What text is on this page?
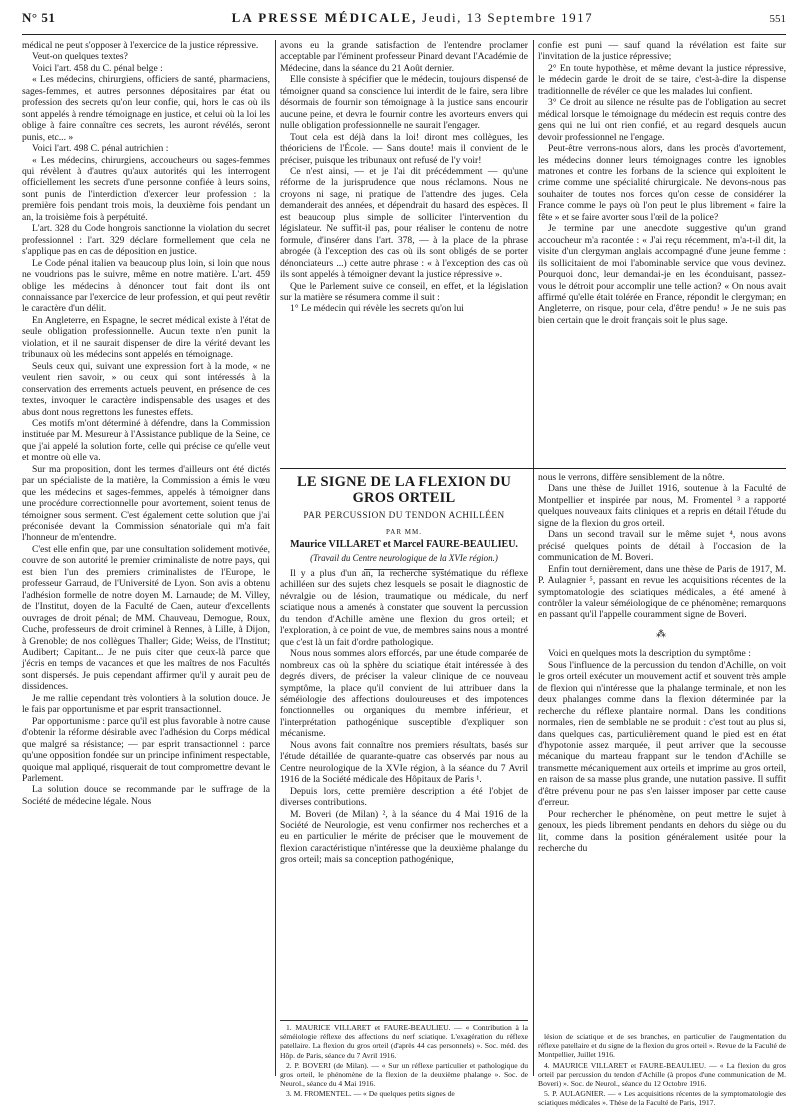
N° 51	LA PRESSE MÉDICALE, Jeudi, 13 Septembre 1917	551

médical ne peut s'opposer à l'exercice de la justice répressive.

Veut-on quelques textes?

Voici l'art. 458 du C. pénal belge :

« Les médecins, chirurgiens, officiers de santé, pharmaciens, sages-femmes, et autres personnes dépositaires par état ou profession des secrets qu'on leur confie, qui, hors le cas où ils sont appelés à rendre témoignage en justice, et celui où la loi les oblige à faire connaître ces secrets, les auront révélés, seront punis, etc... »

Voici l'art. 498 C. pénal autrichien :

« Les médecins, chirurgiens, accoucheurs ou sages-femmes qui révèlent à d'autres qu'aux autorités qui les interrogent officiellement les secrets d'une personne confiée à leurs soins, sont punis de l'interdiction d'exercer leur profession : la première fois pendant trois mois, la deuxième fois pendant un an, la troisième fois à perpétuité.

L'art. 328 du Code hongrois sanctionne la violation du secret professionnel : l'art. 329 déclare formellement que cela ne s'applique pas en cas de déposition en justice.

Le Code pénal italien va beaucoup plus loin, si loin que nous ne voudrions pas le suivre, même en notre matière. L'art. 459 oblige les médecins à dénoncer tout fait dont ils ont connaissance par l'exercice de leur profession, et qui peut revêtir le caractère d'un délit.

En Angleterre, en Espagne, le secret médical existe à l'état de seule obligation professionnelle. Aucun texte n'en punit la violation, et il ne saurait dispenser de dire la vérité devant les tribunaux où les médecins sont appelés en témoignage.

Seuls ceux qui, suivant une expression fort à la mode, « ne veulent rien savoir, » ou ceux qui sont intéressés à la conservation des errements actuels peuvent, en présence de ces textes, invoquer le caractère indispensable des usages et des abus dont nous regrettons les funestes effets.

Ces motifs m'ont déterminé à défendre, dans la Commission instituée par M. Mesureur à l'Assistance publique de la Seine, ce que j'ai appelé la solution forte, celle qui précise ce qu'elle veut et montre où elle va.

Sur ma proposition, dont les termes d'ailleurs ont été dictés par un spécialiste de la matière, la Commission a émis le vœu que les médecins et sages-femmes, appelés à témoigner dans une procédure correctionnelle pour avortement, soient tenus de témoigner sous serment. C'est également cette solution que j'ai préconisée devant la Commission sénatoriale qui m'a fait l'honneur de m'entendre.

C'est elle enfin que, par une consultation solidement motivée, couvre de son autorité le premier criminaliste de notre pays, qui est bien l'un des premiers criminalistes de l'Europe, le professeur Garraud, de l'Université de Lyon. Son avis a obtenu l'adhésion formelle de notre doyen M. Larnaude; de M. Villey, de l'Institut, doyen de la Faculté de Caen, auteur d'excellents ouvrages de droit pénal; de MM. Chauveau, Demogue, Roux, Cuche, professeurs de droit criminel à Rennes, à Lille, à Dijon, à Grenoble; de nos collègues Thaller; Gide; Weiss, de l'Institut; Audibert; Capitant... Je ne puis citer que ceux-là parce que j'écris en temps de vacances et que les maîtres de nos Facultés sont dispersés. Je puis cependant affirmer qu'il y aurait peu de dissidences.

Je me rallie cependant très volontiers à la solution douce. Je le fais par opportunisme et par esprit transactionnel.

Par opportunisme : parce qu'il est plus favorable à notre cause d'obtenir la réforme désirable avec l'adhésion du Corps médical que malgré sa résistance; — par esprit transactionnel : parce qu'une opposition fondée sur un principe infiniment respectable, quoique mal appliqué, risquerait de tout compromettre devant le Parlement.

La solution douce se recommande par le suffrage de la Société de médecine légale. Nous

avons eu la grande satisfaction de l'entendre proclamer acceptable par l'éminent professeur Pinard devant l'Académie de Médecine, dans la séance du 21 Août dernier.

Elle consiste à spécifier que le médecin, toujours dispensé de témoigner quand sa conscience lui interdit de le faire, sera libre désormais de fournir son témoignage à la justice sans encourir aucune peine, et devra le fournir contre les avorteurs envers qui nulle obligation professionnelle ne saurait l'engager.

Tout cela est déjà dans la loi! diront mes collègues, les théoriciens de l'École. — Sans doute! mais il convient de le préciser, puisque les tribunaux ont refusé de l'y voir!

Ce n'est ainsi, — et je l'ai dit précédemment — qu'une réforme de la jurisprudence que nous réclamons. Nous ne croyons ni sage, ni pratique de l'attendre des juges. Cela demanderait des années, et dépendrait du hasard des espèces. Il est beaucoup plus simple de solliciter l'intervention du législateur. Ne suffit-il pas, pour réaliser le contenu de notre formule, d'insérer dans l'art. 378, — à la place de la phrase abrogée (à l'exception des cas où ils sont obligés de se porter dénonciateurs ...) cette autre phrase : « à l'exception des cas où ils sont appelés à témoigner devant la justice répressive ».

Que le Parlement suive ce conseil, en effet, et la législation sur la matière se résumera comme il suit :

1° Le médecin qui révèle les secrets qu'on lui

confie est puni — sauf quand la révélation est faite sur l'invitation de la justice répressive;

2° En toute hypothèse, et même devant la justice répressive, le médecin garde le droit de se taire, c'est-à-dire la dispense traditionnelle de révéler ce que les malades lui confient.

3° Ce droit au silence ne résulte pas de l'obligation au secret médical lorsque le témoignage du médecin est requis contre des gens qui ne lui ont rien confié, et au regard desquels aucun devoir professionnel ne l'engage.

Peut-être verrons-nous alors, dans les procès d'avortement, les médecins donner leurs témoignages contre les ignobles matrones et contre les forbans de la science qui exploitent le crime comme une spécialité chirurgicale. Ne devons-nous pas souhaiter de toutes nos forces qu'on cesse de considérer la France comme le pays où l'on peut le plus librement « faire la fête » et se faire avorter sous l'œil de la police?

Je termine par une anecdote suggestive qu'un grand accoucheur m'a racontée : « J'ai reçu récemment, m'a-t-il dit, la visite d'un clergyman anglais accompagné d'une jeune femme : ils sollicitaient de moi l'abominable service que vous devinez. Pourquoi donc, leur demandai-je en les éconduisant, passez-vous le détroit pour accomplir une telle action? « On nous avait affirmé qu'elle était tolérée en France, répondit le clergyman; en Angleterre, on risque, pour cela, d'être pendu! » Je ne suis pas bien certain que le droit français soit le plus sage.

LE SIGNE DE LA FLEXION DU GROS ORTEIL
PAR PERCUSSION DU TENDON ACHILLÉEN
PAR MM.
Maurice VILLARET et Marcel FAURE-BEAULIEU.
(Travail du Centre neurologique de la XVIe région.)

Il y a plus d'un an, la recherche systématique du réflexe achilléen sur des sujets chez lesquels se posait le diagnostic de névralgie ou de lésion, traumatique ou médicale, du nerf sciatique nous a amenés à constater que souvent la percussion du tendon d'Achille amène une flexion du gros orteil; et l'exploration, à ce point de vue, de membres sains nous a montré que c'est là un fait d'ordre pathologique.

Nous nous sommes alors efforcés, par une étude comparée de nombreux cas où la sphère du sciatique était intéressée à des degrés divers, de préciser la valeur clinique de ce nouveau symptôme, la place qu'il convient de lui attribuer dans la séméiologie des affections douloureuses et des impotences fonctionnelles ou organiques du membre inférieur, et l'interprétation pathogénique susceptible d'expliquer son mécanisme.

Nous avons fait connaître nos premiers résultats, basés sur l'étude détaillée de quarante-quatre cas observés par nous au Centre neurologique de la XVIe région, à la séance du 7 Avril 1916 de la Société médicale des Hôpitaux de Paris ¹.

Depuis lors, cette première description a été l'objet de diverses contributions.

M. Boveri (de Milan) ², à la séance du 4 Mai 1916 de la Société de Neurologie, est venu confirmer nos recherches et a eu en particulier le mérite de préciser que le mouvement de flexion caractéristique n'intéresse que la deuxième phalange du gros orteil; mais sa conception pathogénique,

nous le verrons, diffère sensiblement de la nôtre.

Dans une thèse de Juillet 1916, soutenue à la Faculté de Montpellier et inspirée par nous, M. Fromentel ³ a rapporté quelques nouveaux faits cliniques et a repris en détail l'étude du signe de la flexion du gros orteil.

Dans un second travail sur le même sujet ⁴, nous avons précisé quelques points de détail à l'occasion de la communication de M. Boveri.

Enfin tout dernièrement, dans une thèse de Paris de 1917, M. P. Aulagnier ⁵, passant en revue les acquisitions récentes de la symptomatologie des sciatiques médicales, a été amené à contrôler la valeur séméiologique de ce phénomène; remarquons en passant qu'il l'appelle couramment signe de Boveri.

⁂

Voici en quelques mots la description du symptôme :

Sous l'influence de la percussion du tendon d'Achille, on voit le gros orteil exécuter un mouvement actif et souvent très ample de flexion qui n'intéresse que la phalange terminale, et non les deux phalanges comme dans la flexion déterminée par la recherche du réflexe plantaire normal. Dans les conditions normales, rien de semblable ne se produit : c'est tout au plus si, dans quelques cas, particulièrement quand le pied est en état d'hypotonie assez marquée, il peut arriver que la secousse mécanique du marteau frappant sur le tendon d'Achille se transmette mécaniquement aux orteils et imprime au gros orteil, en raison de sa masse plus grande, une nutation passive. Il suffit d'être prévenu pour ne pas s'en laisser imposer par cette cause d'erreur.

Pour rechercher le phénomène, on peut mettre le sujet à genoux, les pieds librement pendants en dehors du siège ou du lit, comme dans la position généralement usitée pour la recherche du

1. MAURICE VILLARET et FAURE-BEAULIEU. — « Contribution à la séméiologie réflexe des affections du nerf sciatique. L'exagération du réflexe patellaire. La flexion du gros orteil (d'après 44 cas personnels) ». Soc. méd. des Hôp. de Paris, séance du 7 Avril 1916.

2. P. BOVERI (de Milan). — « Sur un réflexe particulier et pathologique du gros orteil, le phénomène de la flexion de la deuxième phalange ». Soc. de Neurol., séance du 4 Mai 1916.

3. M. FROMENTEL. — « De quelques petits signes de

lésion de sciatique et de ses branches, en particulier de l'augmentation du réflexe patellaire et du signe de la flexion du gros orteil ». Revue de la Faculté de Montpellier, Juillet 1916.

4. MAURICE VILLARET et FAURE-BEAULIEU. — « La flexion du gros orteil par percussion du tendon d'Achille (à propos d'une communication de M. Boveri) ». Soc. de Neurol., séance du 12 Octobre 1916.

5. P. AULAGNIER. — « Les acquisitions récentes de la symptomatologie des sciatiques médicales ». Thèse de la Faculté de Paris, 1917.
